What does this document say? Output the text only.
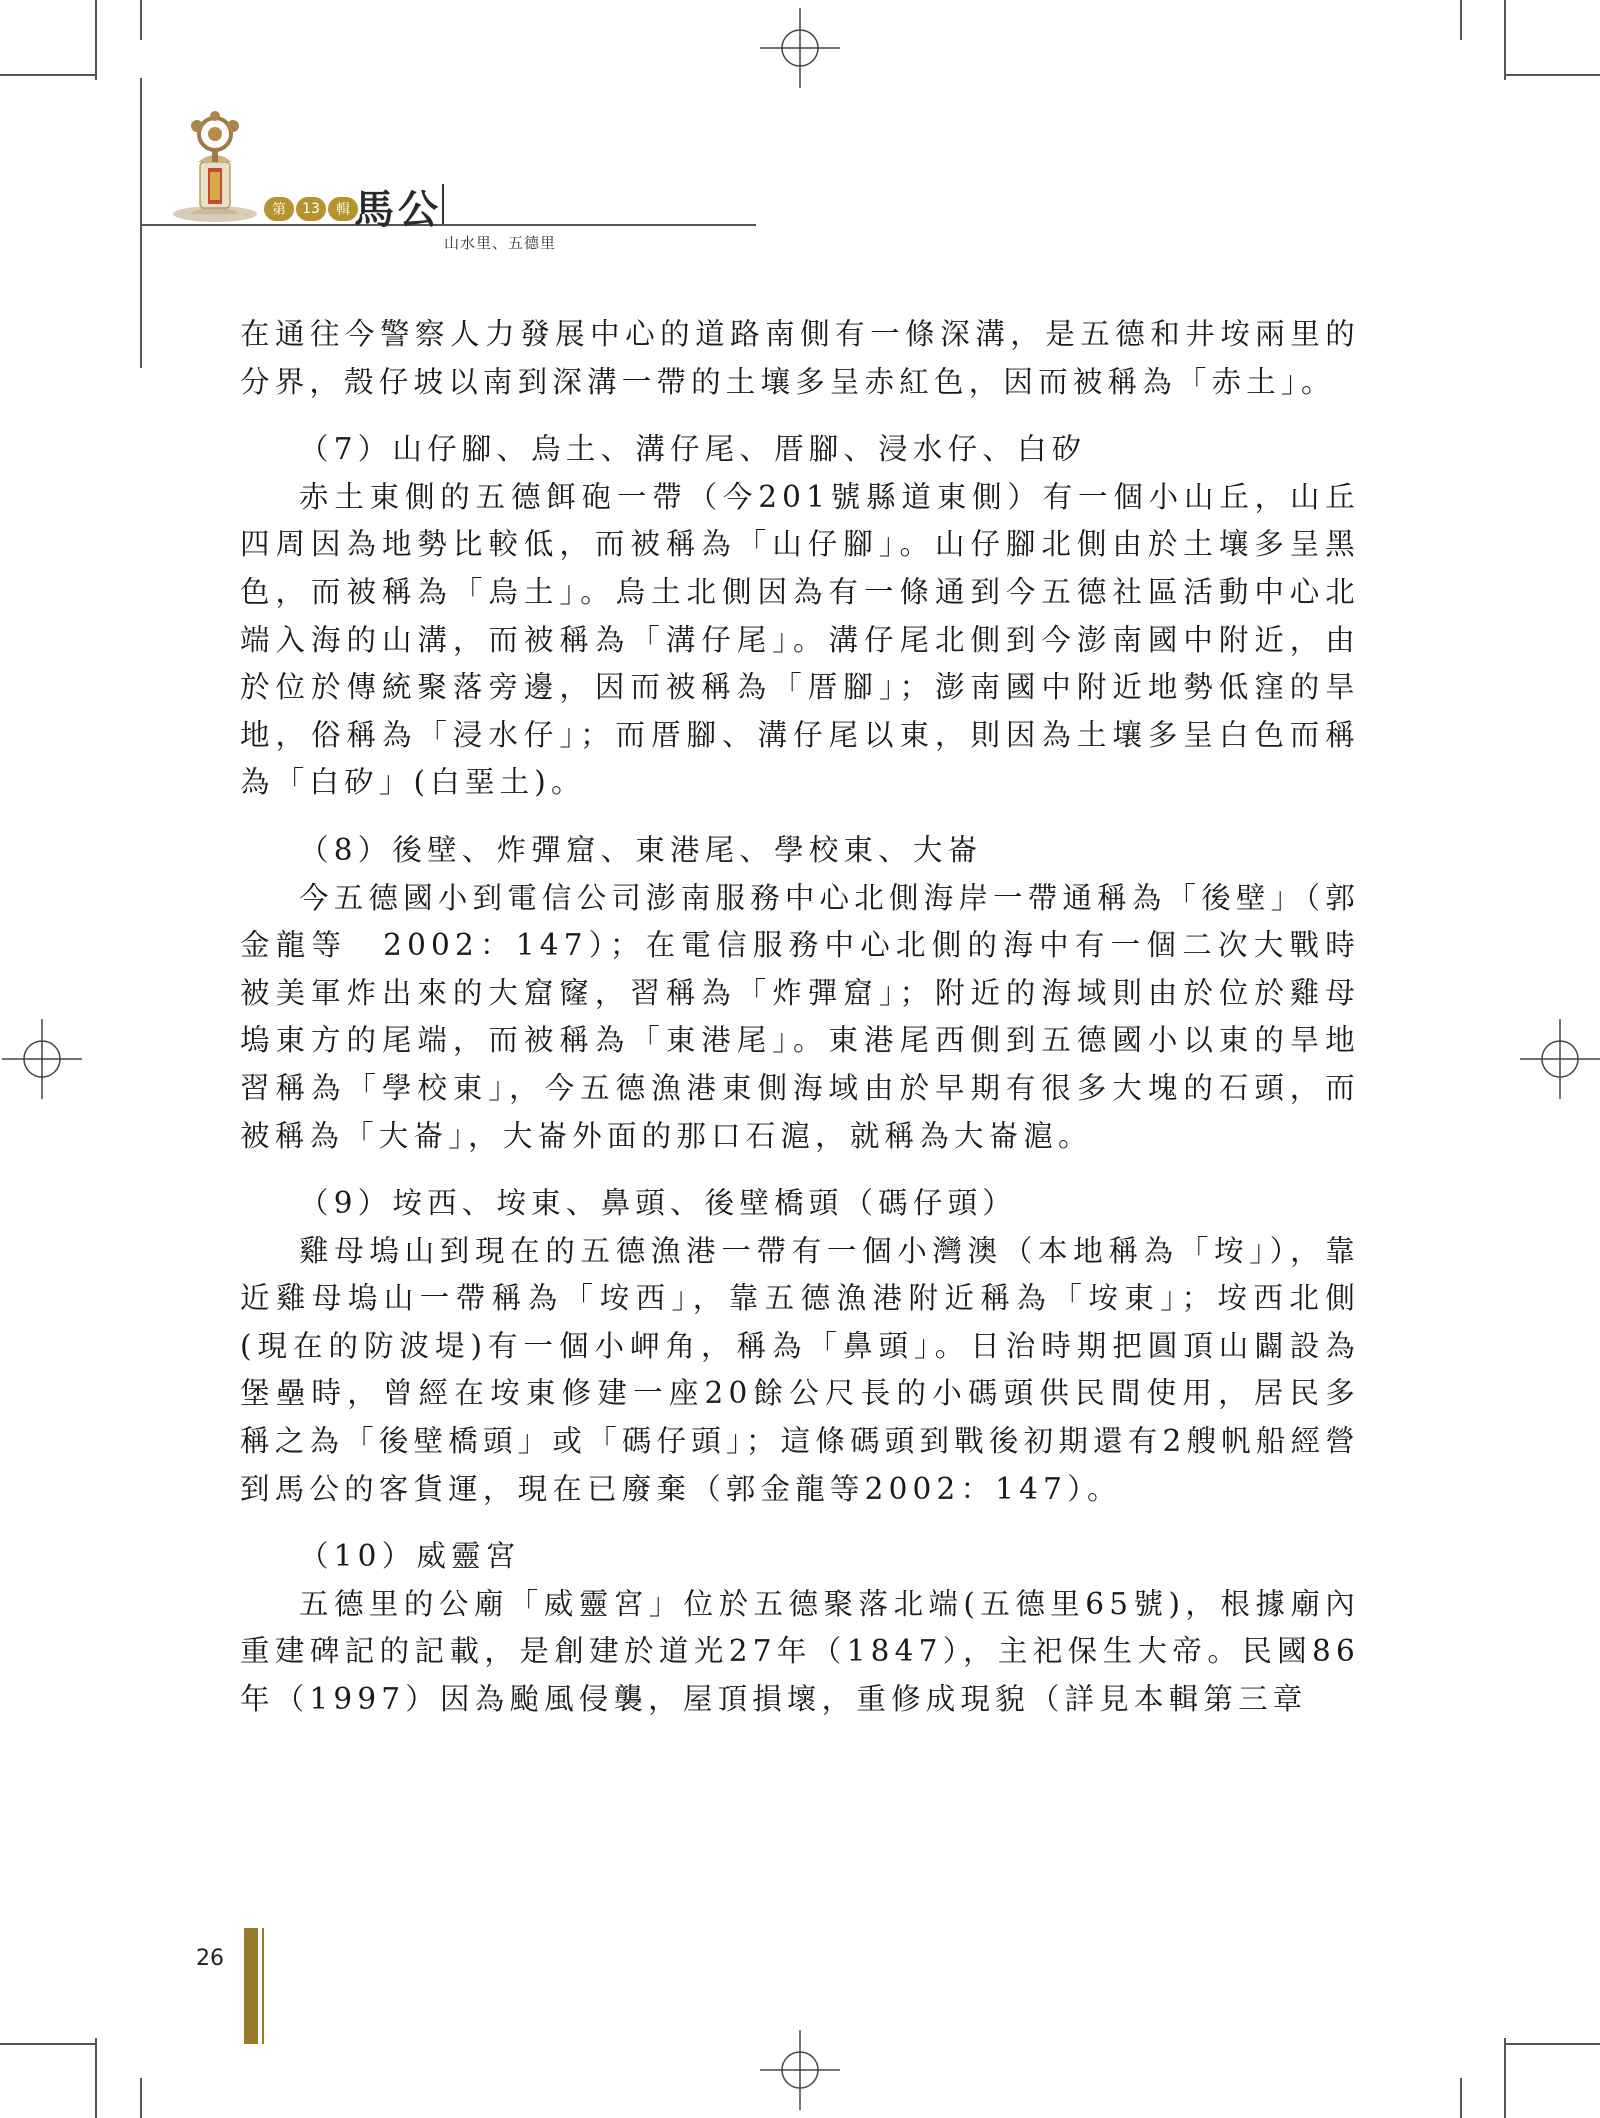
第	13	輯 馬公
山水里、五德里

在通往今警察人力發展中心的道路南側有一條深溝，是五德和井垵兩里的分界，殼仔坡以南到深溝一帶的土壤多呈赤紅色，因而被稱為「赤土」。

（7）山仔腳、烏土、溝仔尾、厝腳、浸水仔、白矽

赤土東側的五德餌砲一帶（今201號縣道東側）有一個小山丘，山丘四周因為地勢比較低，而被稱為「山仔腳」。山仔腳北側由於土壤多呈黑色，而被稱為「烏土」。烏土北側因為有一條通到今五德社區活動中心北端入海的山溝，而被稱為「溝仔尾」。溝仔尾北側到今澎南國中附近，由於位於傳統聚落旁邊，因而被稱為「厝腳」；澎南國中附近地勢低窪的旱地，俗稱為「浸水仔」；而厝腳、溝仔尾以東，則因為土壤多呈白色而稱為「白矽」(白堊土)。

（8）後壁、炸彈窟、東港尾、學校東、大崙

今五德國小到電信公司澎南服務中心北側海岸一帶通稱為「後壁」（郭金龍等　2002：147）；在電信服務中心北側的海中有一個二次大戰時被美軍炸出來的大窟窿，習稱為「炸彈窟」；附近的海域則由於位於雞母塢東方的尾端，而被稱為「東港尾」。東港尾西側到五德國小以東的旱地習稱為「學校東」，今五德漁港東側海域由於早期有很多大塊的石頭，而被稱為「大崙」，大崙外面的那口石滬，就稱為大崙滬。

（9）垵西、垵東、鼻頭、後壁橋頭（碼仔頭）

雞母塢山到現在的五德漁港一帶有一個小灣澳（本地稱為「垵」），靠近雞母塢山一帶稱為「垵西」，靠五德漁港附近稱為「垵東」；垵西北側(現在的防波堤)有一個小岬角，稱為「鼻頭」。日治時期把圓頂山闢設為堡壘時，曾經在垵東修建一座20餘公尺長的小碼頭供民間使用，居民多稱之為「後壁橋頭」或「碼仔頭」；這條碼頭到戰後初期還有2艘帆船經營到馬公的客貨運，現在已廢棄（郭金龍等2002：147）。

（10）威靈宮

五德里的公廟「威靈宮」位於五德聚落北端(五德里65號)，根據廟內重建碑記的記載，是創建於道光27年（1847），主祀保生大帝。民國86年（1997）因為颱風侵襲，屋頂損壞，重修成現貌（詳見本輯第三章

26
